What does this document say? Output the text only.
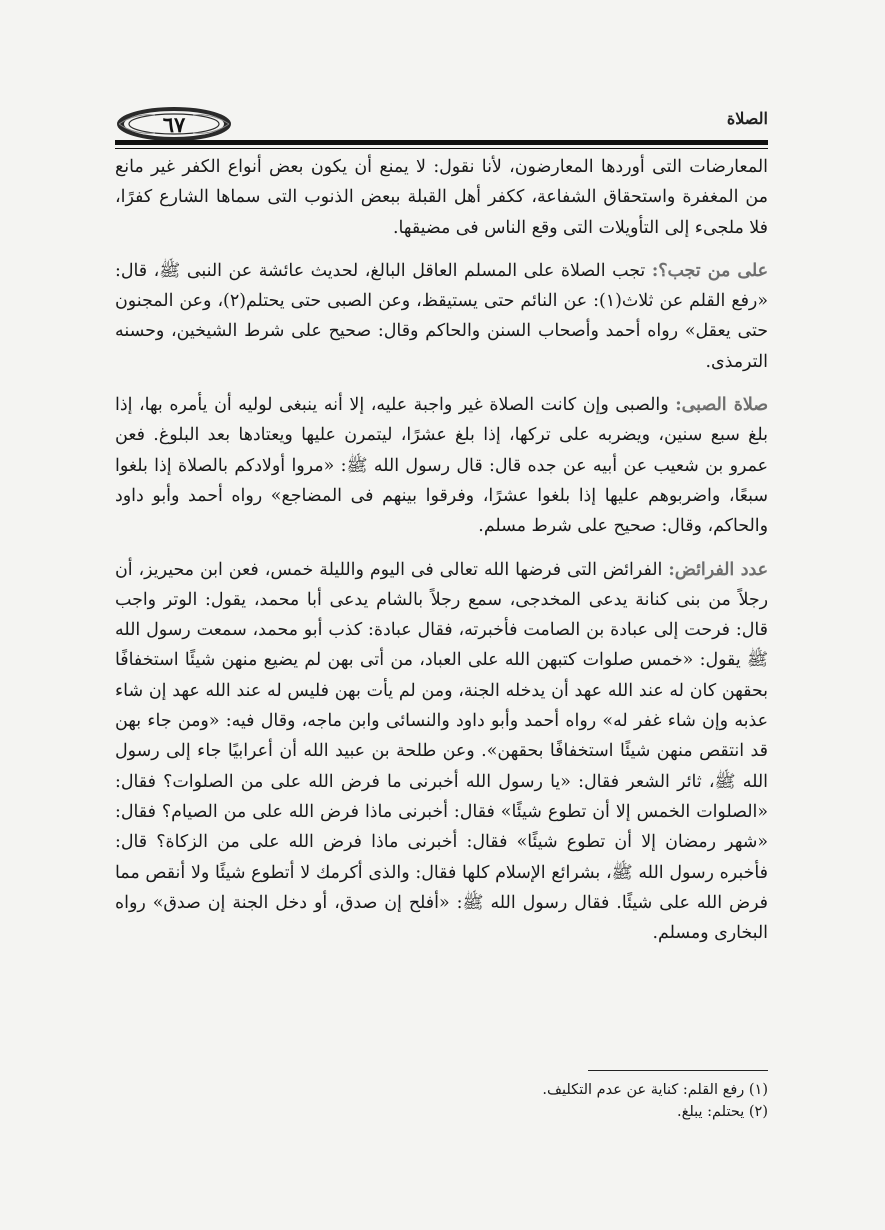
٦٧	الصلاة

المعارضات التى أوردها المعارضون، لأنا نقول: لا يمنع أن يكون بعض أنواع الكفر غير مانع من المغفرة واستحقاق الشفاعة، ككفر أهل القبلة ببعض الذنوب التى سماها الشارع كفرًا، فلا ملجىء إلى التأويلات التى وقع الناس فى مضيقها.

على من تجب؟: تجب الصلاة على المسلم العاقل البالغ، لحديث عائشة عن النبى ﷺ، قال: «رفع القلم عن ثلاث(١): عن النائم حتى يستيقظ، وعن الصبى حتى يحتلم(٢)، وعن المجنون حتى يعقل» رواه أحمد وأصحاب السنن والحاكم وقال: صحيح على شرط الشيخين، وحسنه الترمذى.

صلاة الصبى: والصبى وإن كانت الصلاة غير واجبة عليه، إلا أنه ينبغى لوليه أن يأمره بها، إذا بلغ سبع سنين، ويضربه على تركها، إذا بلغ عشرًا، ليتمرن عليها ويعتادها بعد البلوغ. فعن عمرو بن شعيب عن أبيه عن جده قال: قال رسول الله ﷺ: «مروا أولادكم بالصلاة إذا بلغوا سبعًا، واضربوهم عليها إذا بلغوا عشرًا، وفرقوا بينهم فى المضاجع» رواه أحمد وأبو داود والحاكم، وقال: صحيح على شرط مسلم.

عدد الفرائض: الفرائض التى فرضها الله تعالى فى اليوم والليلة خمس، فعن ابن محيريز، أن رجلاً من بنى كنانة يدعى المخدجى، سمع رجلاً بالشام يدعى أبا محمد، يقول: الوتر واجب قال: فرحت إلى عبادة بن الصامت فأخبرته، فقال عبادة: كذب أبو محمد، سمعت رسول الله ﷺ يقول: «خمس صلوات كتبهن الله على العباد، من أتى بهن لم يضيع منهن شيئًا استخفافًا بحقهن كان له عند الله عهد أن يدخله الجنة، ومن لم يأت بهن فليس له عند الله عهد إن شاء عذبه وإن شاء غفر له» رواه أحمد وأبو داود والنسائى وابن ماجه، وقال فيه: «ومن جاء بهن قد انتقص منهن شيئًا استخفافًا بحقهن». وعن طلحة بن عبيد الله أن أعرابيًا جاء إلى رسول الله ﷺ، ثائر الشعر فقال: «يا رسول الله أخبرنى ما فرض الله على من الصلوات؟ فقال: «الصلوات الخمس إلا أن تطوع شيئًا» فقال: أخبرنى ماذا فرض الله على من الصيام؟ فقال: «شهر رمضان إلا أن تطوع شيئًا» فقال: أخبرنى ماذا فرض الله على من الزكاة؟ قال: فأخبره رسول الله ﷺ، بشرائع الإسلام كلها فقال: والذى أكرمك لا أتطوع شيئًا ولا أنقص مما فرض الله على شيئًا. فقال رسول الله ﷺ: «أفلح إن صدق، أو دخل الجنة إن صدق» رواه البخارى ومسلم.

(١) رفع القلم: كناية عن عدم التكليف.
(٢) يحتلم: يبلغ.
